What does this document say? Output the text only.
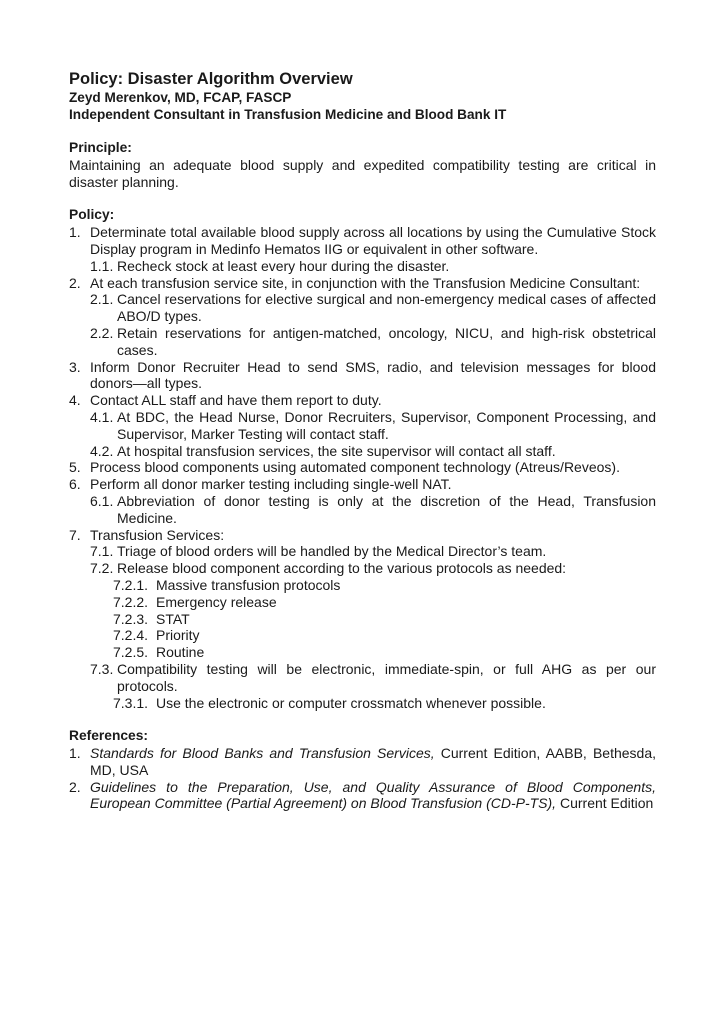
Policy: Disaster Algorithm Overview

Zeyd Merenkov, MD, FCAP, FASCP

Independent Consultant in Transfusion Medicine and Blood Bank IT

Principle:

Maintaining an adequate blood supply and expedited compatibility testing are critical in disaster planning.

Policy:
1. Determinate total available blood supply across all locations by using the Cumulative Stock Display program in Medinfo Hematos IIG or equivalent in other software.
1.1. Recheck stock at least every hour during the disaster.
2. At each transfusion service site, in conjunction with the Transfusion Medicine Consultant:
2.1. Cancel reservations for elective surgical and non-emergency medical cases of affected ABO/D types.
2.2. Retain reservations for antigen-matched, oncology, NICU, and high-risk obstetrical cases.
3. Inform Donor Recruiter Head to send SMS, radio, and television messages for blood donors—all types.
4. Contact ALL staff and have them report to duty.
4.1. At BDC, the Head Nurse, Donor Recruiters, Supervisor, Component Processing, and Supervisor, Marker Testing will contact staff.
4.2. At hospital transfusion services, the site supervisor will contact all staff.
5. Process blood components using automated component technology (Atreus/Reveos).
6. Perform all donor marker testing including single-well NAT.
6.1. Abbreviation of donor testing is only at the discretion of the Head, Transfusion Medicine.
7. Transfusion Services:
7.1. Triage of blood orders will be handled by the Medical Director’s team.
7.2. Release blood component according to the various protocols as needed:
7.2.1. Massive transfusion protocols
7.2.2. Emergency release
7.2.3. STAT
7.2.4. Priority
7.2.5. Routine
7.3. Compatibility testing will be electronic, immediate-spin, or full AHG as per our protocols.
7.3.1. Use the electronic or computer crossmatch whenever possible.
References:
1. Standards for Blood Banks and Transfusion Services, Current Edition, AABB, Bethesda, MD, USA
2. Guidelines to the Preparation, Use, and Quality Assurance of Blood Components, European Committee (Partial Agreement) on Blood Transfusion (CD-P-TS), Current Edition
